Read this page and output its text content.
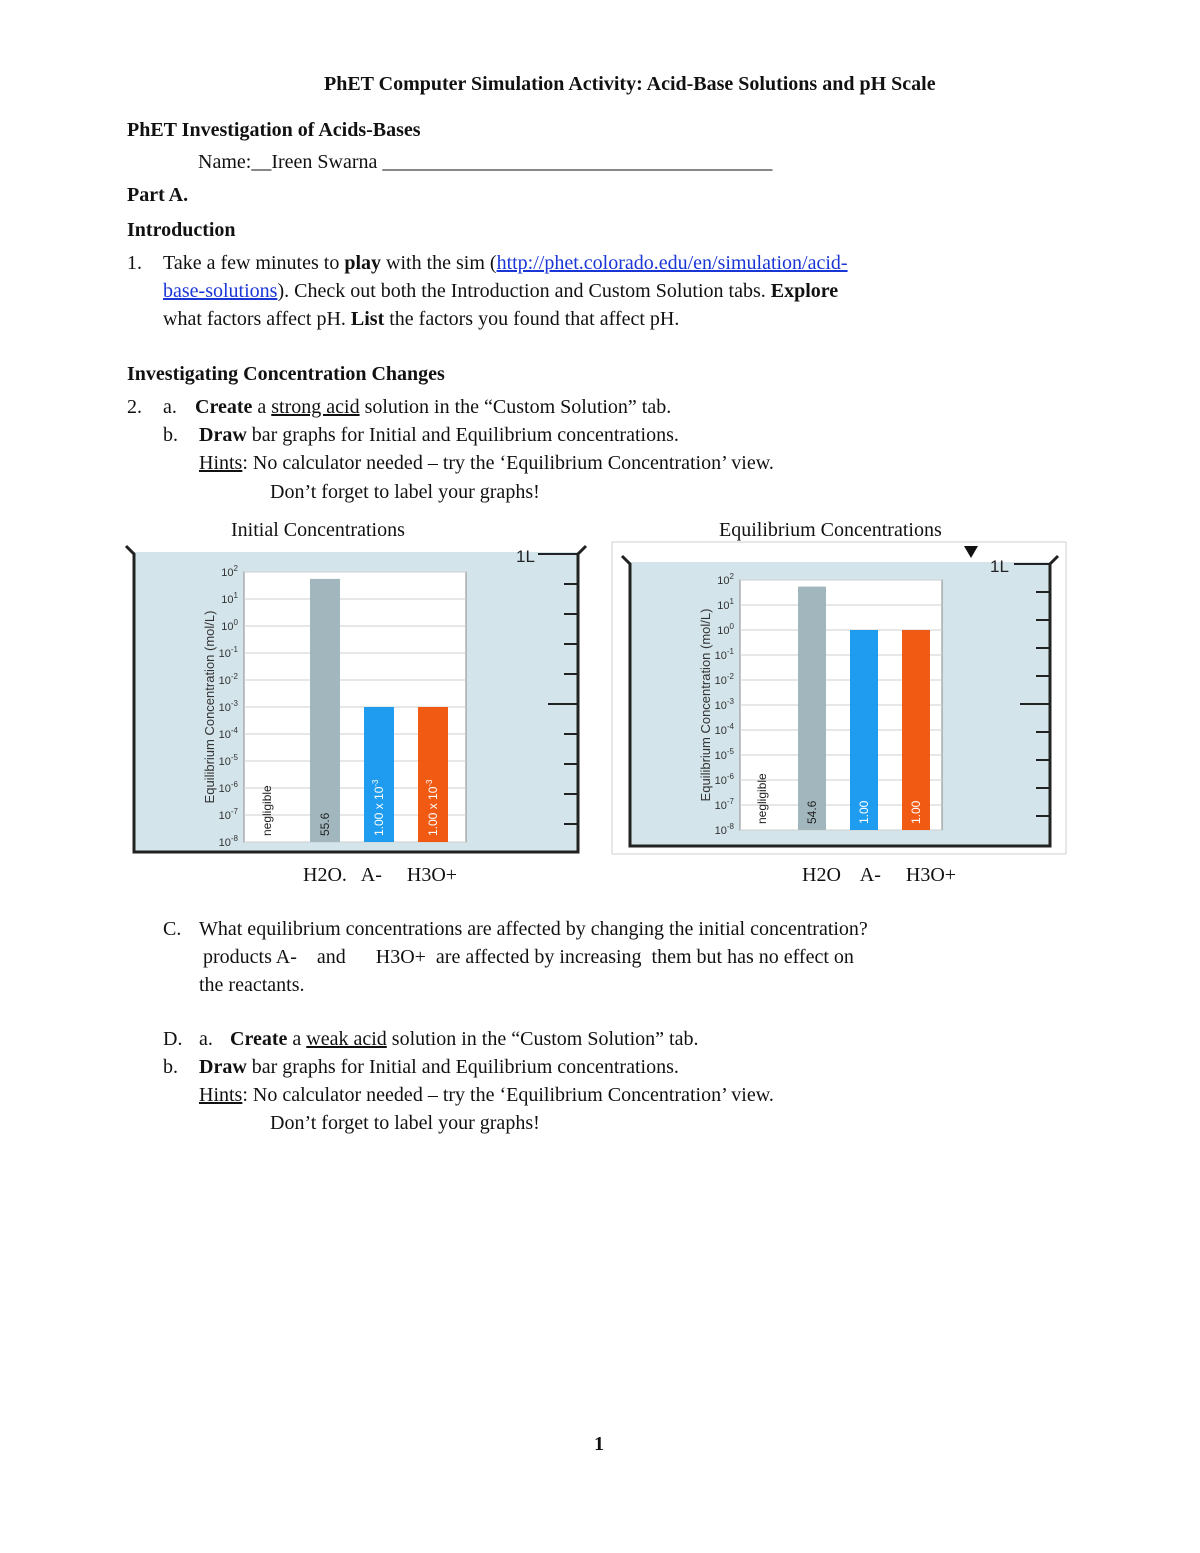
PhET Computer Simulation Activity: Acid-Base Solutions and pH Scale
PhET Investigation of Acids-Bases
Name:__Ireen Swarna _______________________________________
Part A.
Introduction
1. Take a few minutes to play with the sim (http://phet.colorado.edu/en/simulation/acid-
base-solutions). Check out both the Introduction and Custom Solution tabs. Explore
what factors affect pH. List the factors you found that affect pH.
Investigating Concentration Changes
2. a. Create a strong acid solution in the “Custom Solution” tab.
b. Draw bar graphs for Initial and Equilibrium concentrations.
Hints: No calculator needed – try the ‘Equilibrium Concentration’ view.
Don’t forget to label your graphs!
Initial Concentrations	Equilibrium Concentrations
1L
$10^{-8}$
$10^{-7}$
$10^{-6}$
$10^{-5}$
$10^{-4}$
$10^{-3}$
$10^{-2}$
$10^{-1}$
$10^0$
$10^1$
$10^2$
Equilibrium Concentration (mol/L)
negligible	55.6	1.00 x $10^{-3}$
1.00 x $10^{-3}$
1L
$10^{-8}$
$10^{-7}$
$10^{-6}$
$10^{-5}$
$10^{-4}$
$10^{-3}$
$10^{-2}$
$10^{-1}$
$10^0$
$10^1$
$10^2$
Equilibrium Concentration (mol/L)	negligible	54.6	1.00	1.00
H2O.   A-     H3O+	H2O    A-     H3O+
C. What equilibrium concentrations are affected by changing the initial concentration?
products A-    and      H3O+  are affected by increasing  them but has no effect on
the reactants.
D. a. Create a weak acid solution in the “Custom Solution” tab.
b. Draw bar graphs for Initial and Equilibrium concentrations.
Hints: No calculator needed – try the ‘Equilibrium Concentration’ view.
Don’t forget to label your graphs!
1
